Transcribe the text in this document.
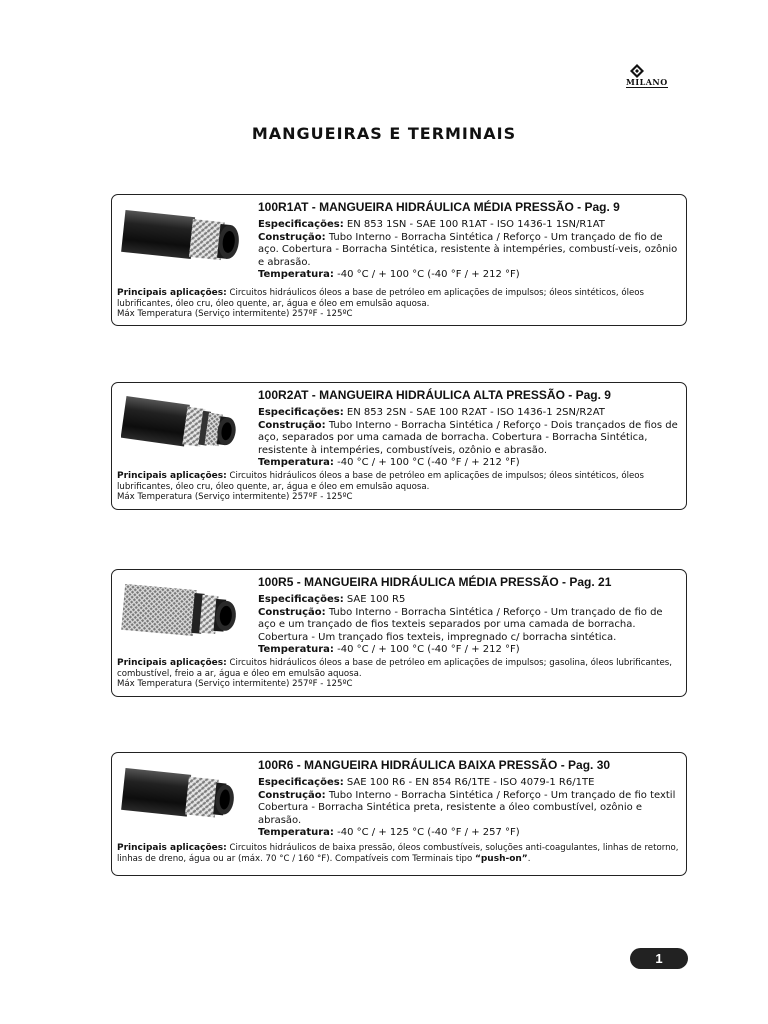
MILANO
MANGUEIRAS E TERMINAIS
100R1AT - MANGUEIRA HIDRÁULICA MÉDIA PRESSÃO - Pag. 9
Especificações: EN 853 1SN - SAE 100 R1AT - ISO 1436-1 1SN/R1AT
Construção: Tubo Interno - Borracha Sintética / Reforço - Um trançado de fio de aço. Cobertura - Borracha Sintética, resistente à intempéries, combustí-veis, ozônio e abrasão.
Temperatura: -40 °C / + 100 °C (-40 °F / + 212 °F)
Principais aplicações: Circuitos hidráulicos óleos a base de petróleo em aplicações de impulsos; óleos sintéticos, óleos lubrificantes, óleo cru, óleo quente, ar, água e óleo em emulsão aquosa.
Máx Temperatura (Serviço intermitente) 257ºF - 125ºC
100R2AT - MANGUEIRA HIDRÁULICA ALTA PRESSÃO - Pag. 9
Especificações: EN 853 2SN - SAE 100 R2AT - ISO 1436-1 2SN/R2AT
Construção: Tubo Interno - Borracha Sintética / Reforço - Dois trançados de fios de aço, separados por uma camada de borracha. Cobertura - Borracha Sintética, resistente à intempéries, combustíveis, ozônio e abrasão.
Temperatura: -40 °C / + 100 °C (-40 °F / + 212 °F)
Principais aplicações: Circuitos hidráulicos óleos a base de petróleo em aplicações de impulsos; óleos sintéticos, óleos lubrificantes, óleo cru, óleo quente, ar, água e óleo em emulsão aquosa.
Máx Temperatura (Serviço intermitente) 257ºF - 125ºC
100R5 - MANGUEIRA HIDRÁULICA MÉDIA PRESSÃO - Pag. 21
Especificações: SAE 100 R5
Construção: Tubo Interno - Borracha Sintética / Reforço - Um trançado de fio de aço e um trançado de fios texteis separados por uma camada de borracha. Cobertura - Um trançado fios texteis, impregnado c/ borracha sintética.
Temperatura: -40 °C / + 100 °C (-40 °F / + 212 °F)
Principais aplicações: Circuitos hidráulicos óleos a base de petróleo em aplicações de impulsos; gasolina, óleos lubrificantes, combustível, freio a ar, água e óleo em emulsão aquosa.
Máx Temperatura (Serviço intermitente) 257ºF - 125ºC
100R6 - MANGUEIRA HIDRÁULICA BAIXA PRESSÃO - Pag. 30
Especificações: SAE 100 R6 - EN 854 R6/1TE - ISO 4079-1 R6/1TE
Construção: Tubo Interno - Borracha Sintética / Reforço - Um trançado de fio textil Cobertura - Borracha Sintética preta, resistente a óleo combustível, ozônio e abrasão.
Temperatura: -40 °C / + 125 °C (-40 °F / + 257 °F)
Principais aplicações: Circuitos hidráulicos de baixa pressão, óleos combustíveis, soluções anti-coagulantes, linhas de retorno, linhas de dreno, água ou ar (máx. 70 °C / 160 °F). Compatíveis com Terminais tipo “push-on”.
1
